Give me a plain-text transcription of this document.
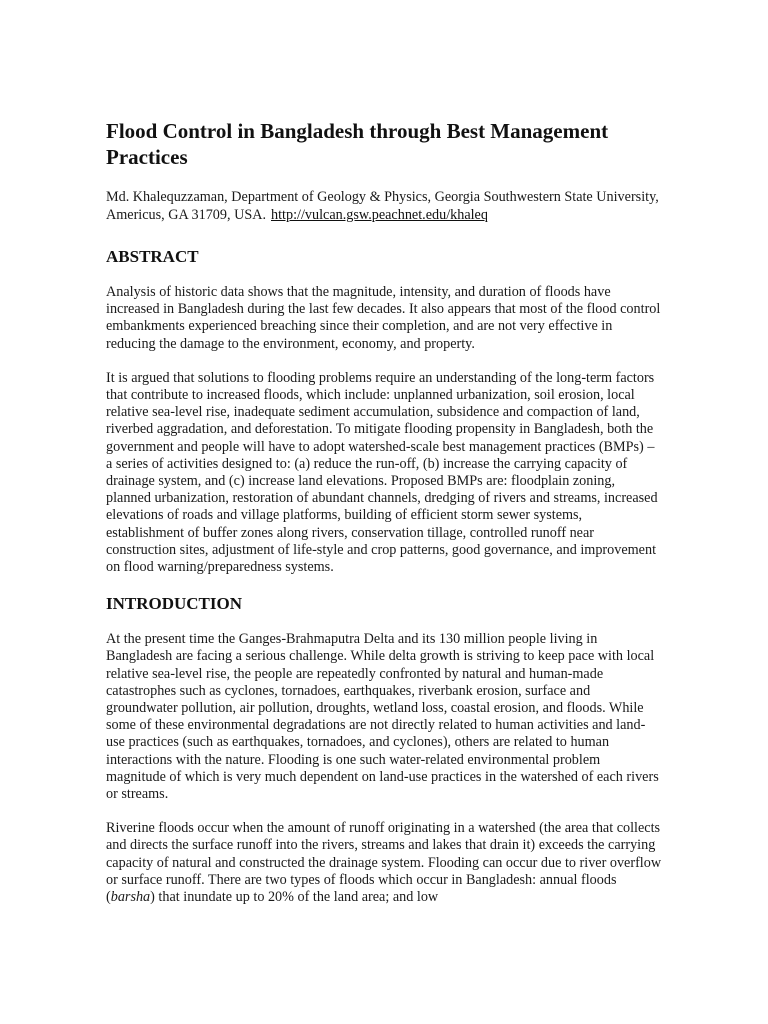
Flood Control in Bangladesh through Best Management Practices

Md. Khalequzzaman, Department of Geology & Physics, Georgia Southwestern State University, Americus, GA 31709, USA. http://vulcan.gsw.peachnet.edu/khaleq

ABSTRACT

Analysis of historic data shows that the magnitude, intensity, and duration of floods have increased in Bangladesh during the last few decades. It also appears that most of the flood control embankments experienced breaching since their completion, and are not very effective in reducing the damage to the environment, economy, and property.

It is argued that solutions to flooding problems require an understanding of the long-term factors that contribute to increased floods, which include: unplanned urbanization, soil erosion, local relative sea-level rise, inadequate sediment accumulation, subsidence and compaction of land, riverbed aggradation, and deforestation. To mitigate flooding propensity in Bangladesh, both the government and people will have to adopt watershed-scale best management practices (BMPs) – a series of activities designed to: (a) reduce the run-off, (b) increase the carrying capacity of drainage system, and (c) increase land elevations. Proposed BMPs are: floodplain zoning, planned urbanization, restoration of abundant channels, dredging of rivers and streams, increased elevations of roads and village platforms, building of efficient storm sewer systems, establishment of buffer zones along rivers, conservation tillage, controlled runoff near construction sites, adjustment of life-style and crop patterns, good governance, and improvement on flood warning/preparedness systems.

INTRODUCTION

At the present time the Ganges-Brahmaputra Delta and its 130 million people living in Bangladesh are facing a serious challenge. While delta growth is striving to keep pace with local relative sea-level rise, the people are repeatedly confronted by natural and human-made catastrophes such as cyclones, tornadoes, earthquakes, riverbank erosion, surface and groundwater pollution, air pollution, droughts, wetland loss, coastal erosion, and floods. While some of these environmental degradations are not directly related to human activities and land-use practices (such as earthquakes, tornadoes, and cyclones), others are related to human interactions with the nature. Flooding is one such water-related environmental problem magnitude of which is very much dependent on land-use practices in the watershed of each rivers or streams.

Riverine floods occur when the amount of runoff originating in a watershed (the area that collects and directs the surface runoff into the rivers, streams and lakes that drain it) exceeds the carrying capacity of natural and constructed the drainage system. Flooding can occur due to river overflow or surface runoff. There are two types of floods which occur in Bangladesh: annual floods (barsha) that inundate up to 20% of the land area; and low
